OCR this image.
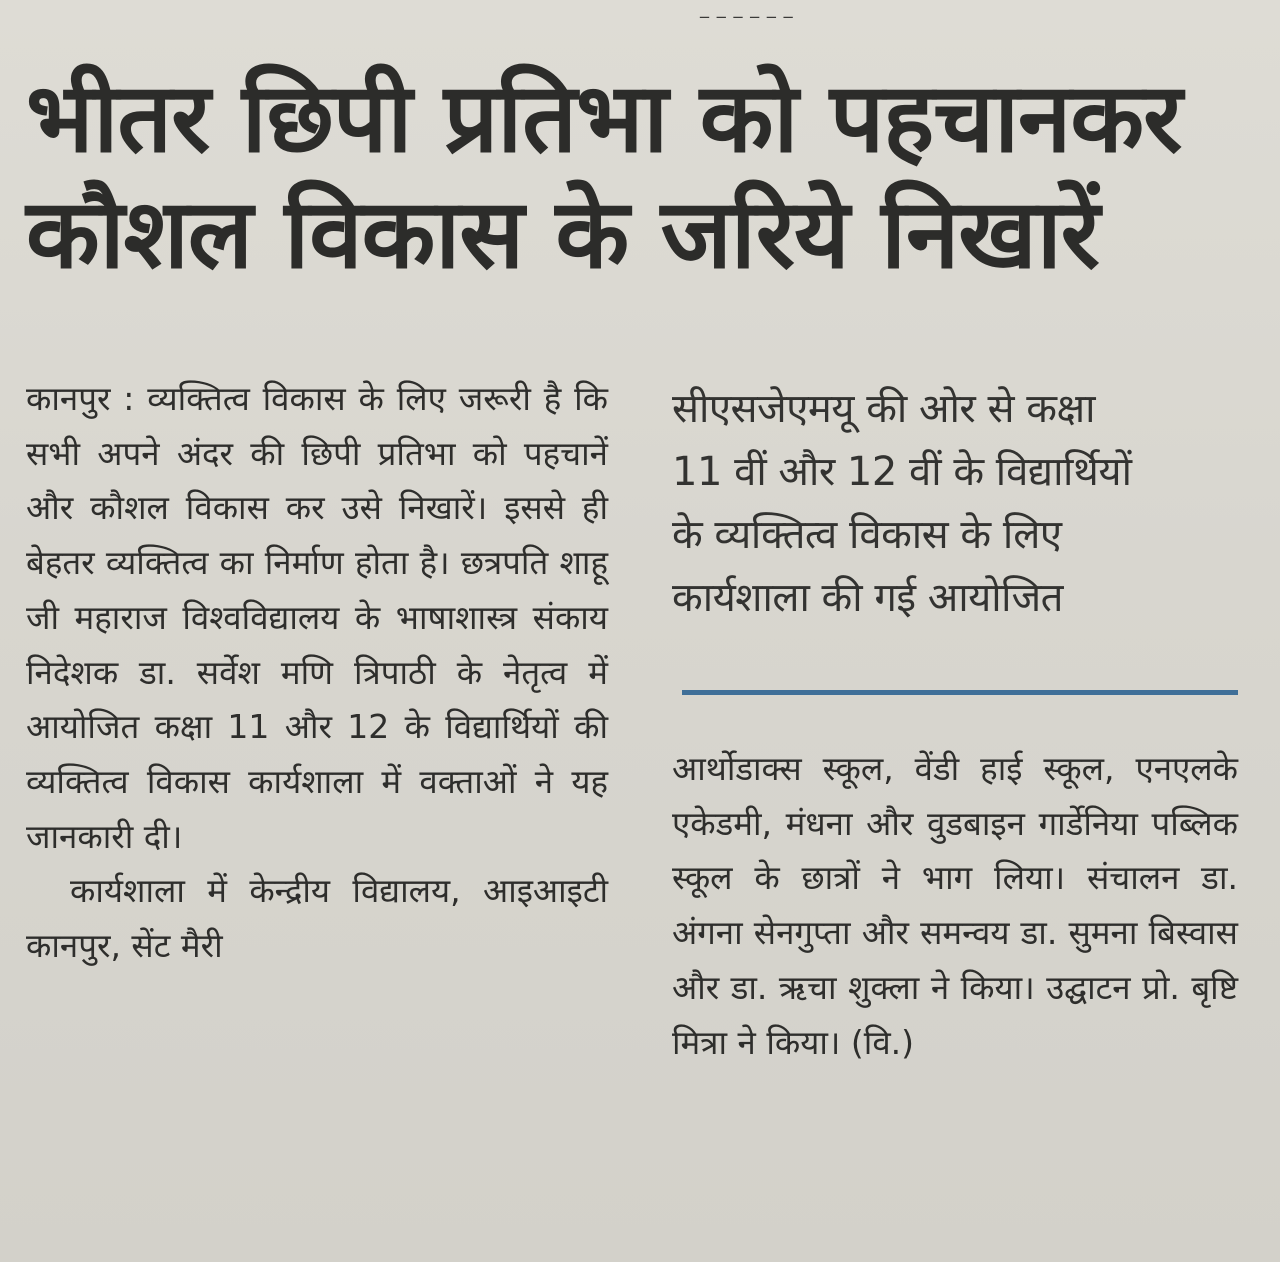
_ _ _ _ _ _
भीतर छिपी प्रतिभा को पहचानकर
कौशल विकास के जरिये निखारें

कानपुर : व्यक्तित्व विकास के लिए जरूरी है कि सभी अपने अंदर की छिपी प्रतिभा को पहचानें और कौशल विकास कर उसे निखारें। इससे ही बेहतर व्यक्तित्व का निर्माण होता है। छत्रपति शाहू जी महाराज विश्वविद्यालय के भाषाशास्त्र संकाय निदेशक डा. सर्वेश मणि त्रिपाठी के नेतृत्व में आयोजित कक्षा 11 और 12 के विद्यार्थियों की व्यक्तित्व विकास कार्यशाला में वक्ताओं ने यह जानकारी दी।

कार्यशाला में केन्द्रीय विद्यालय, आइआइटी कानपुर, सेंट मैरी

सीएसजेएमयू की ओर से कक्षा
11 वीं और 12 वीं के विद्यार्थियों
के व्यक्तित्व विकास के लिए
कार्यशाला की गई आयोजित

आर्थोडाक्स स्कूल, वेंडी हाई स्कूल, एनएलके एकेडमी, मंधना और वुडबाइन गार्डेनिया पब्लिक स्कूल के छात्रों ने भाग लिया। संचालन डा. अंगना सेनगुप्ता और समन्वय डा. सुमना बिस्वास और डा. ऋचा शुक्ला ने किया। उद्घाटन प्रो. बृष्टि मित्रा ने किया। (वि.)
